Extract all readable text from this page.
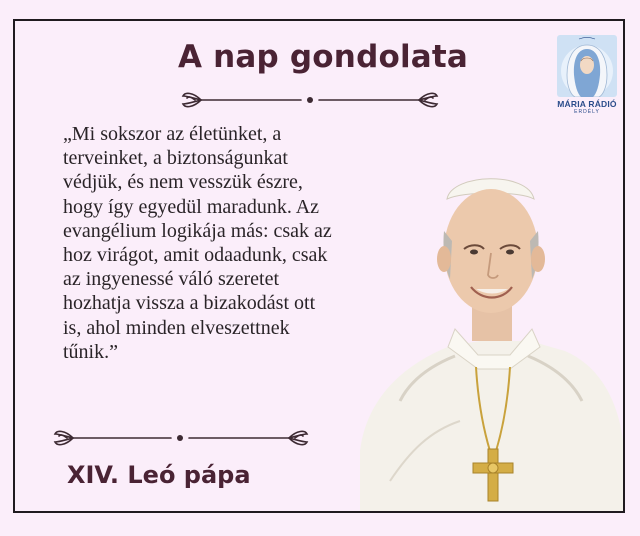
A nap gondolata

„Mi sokszor az életünket, a

terveinket, a biztonságunkat

védjük, és nem vesszük észre,

hogy így egyedül maradunk. Az

evangélium logikája más: csak az

hoz virágot, amit odaadunk, csak

az ingyenessé váló szeretet

hozhatja vissza a bizakodást ott

is, ahol minden elveszettnek

tűnik.”

XIV. Leó pápa
MÁRIA RÁDIÓ
ERDÉLY
